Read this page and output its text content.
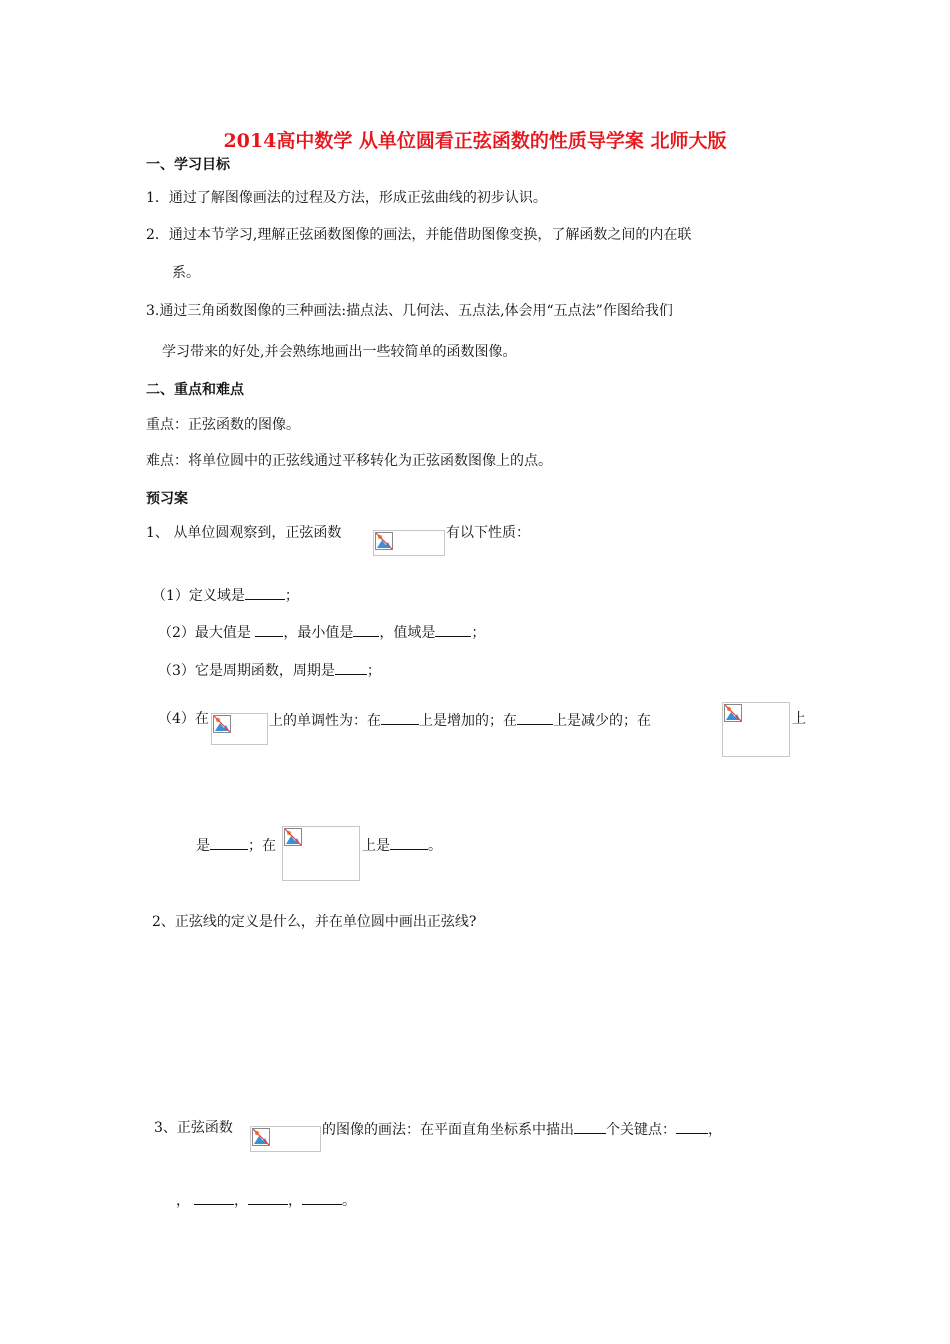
2014高中数学 从单位圆看正弦函数的性质导学案 北师大版
一、学习目标
1．通过了解图像画法的过程及方法，形成正弦曲线的初步认识。
2．通过本节学习,理解正弦函数图像的画法，并能借助图像变换，了解函数之间的内在联
系。
3.通过三角函数图像的三种画法:描点法、几何法、五点法,体会用“五点法”作图给我们
学习带来的好处,并会熟练地画出一些较简单的函数图像。
二、重点和难点
重点：正弦函数的图像。
难点：将单位圆中的正弦线通过平移转化为正弦函数图像上的点。
预习案
1、 从单位圆观察到，正弦函数	有以下性质：
（1）定义域是	；
（2）最大值是 ，最小值是 ，值域是	；
（3）它是周期函数，周期是 ；
（4）在	上的单调性为：在	上是增加的；在	上是减少的；在	上
是	；在	上是	。
2、正弦线的定义是什么，并在单位圆中画出正弦线?
3、正弦函数	的图像的画法：在平面直角坐标系中描出 个关键点： ，
，	，	，	。
